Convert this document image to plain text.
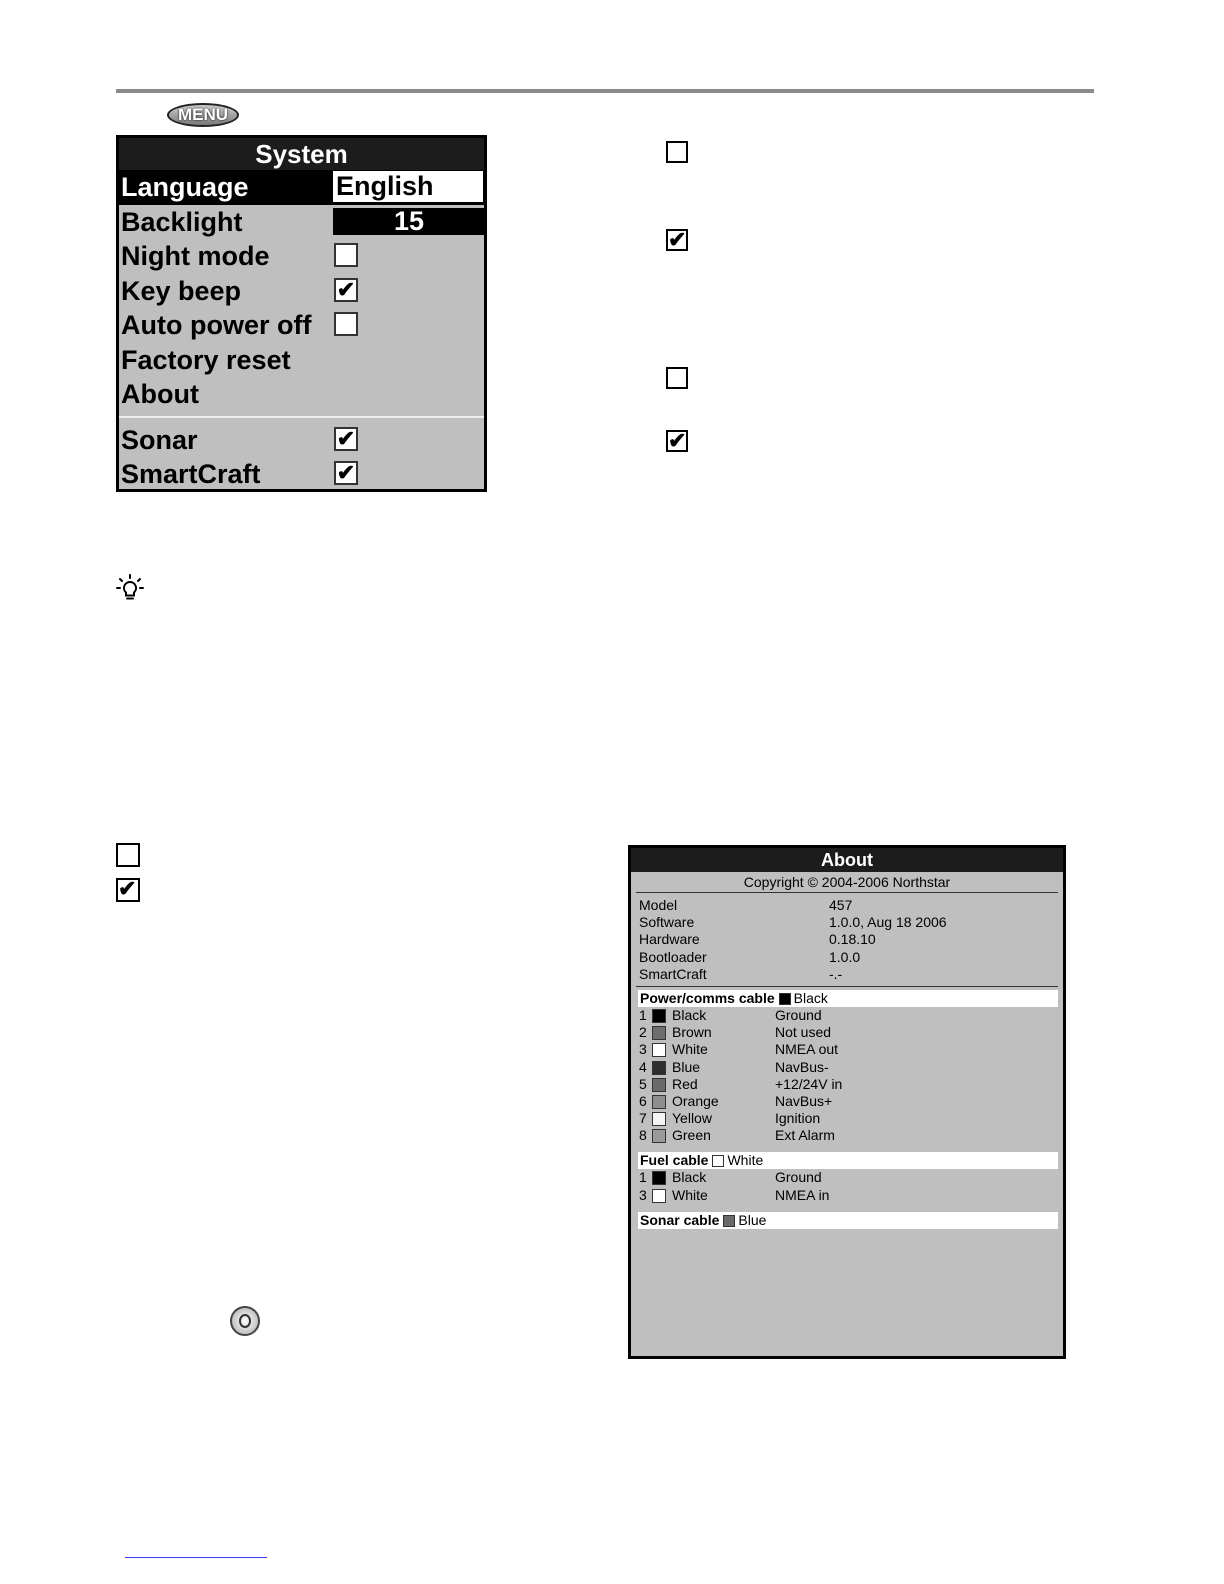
MENU
System
Language	English
Backlight	15
Night mode
Key beep	✔
Auto power off
Factory reset
About
Sonar	✔
SmartCraft	✔
✔
✔
✔
About
Copyright © 2004-2006 Northstar
Model	457
Software	1.0.0, Aug 18 2006
Hardware	0.18.10
Bootloader	1.0.0
SmartCraft	-.-
Power/comms cable Black
1 Black	Ground
2 Brown	Not used
3 White	NMEA out
4 Blue	NavBus-
5 Red	+12/24V in
6 Orange	NavBus+
7 Yellow	Ignition
8 Green	Ext Alarm
Fuel cable White
1 Black	Ground
3 White	NMEA in
Sonar cable Blue
